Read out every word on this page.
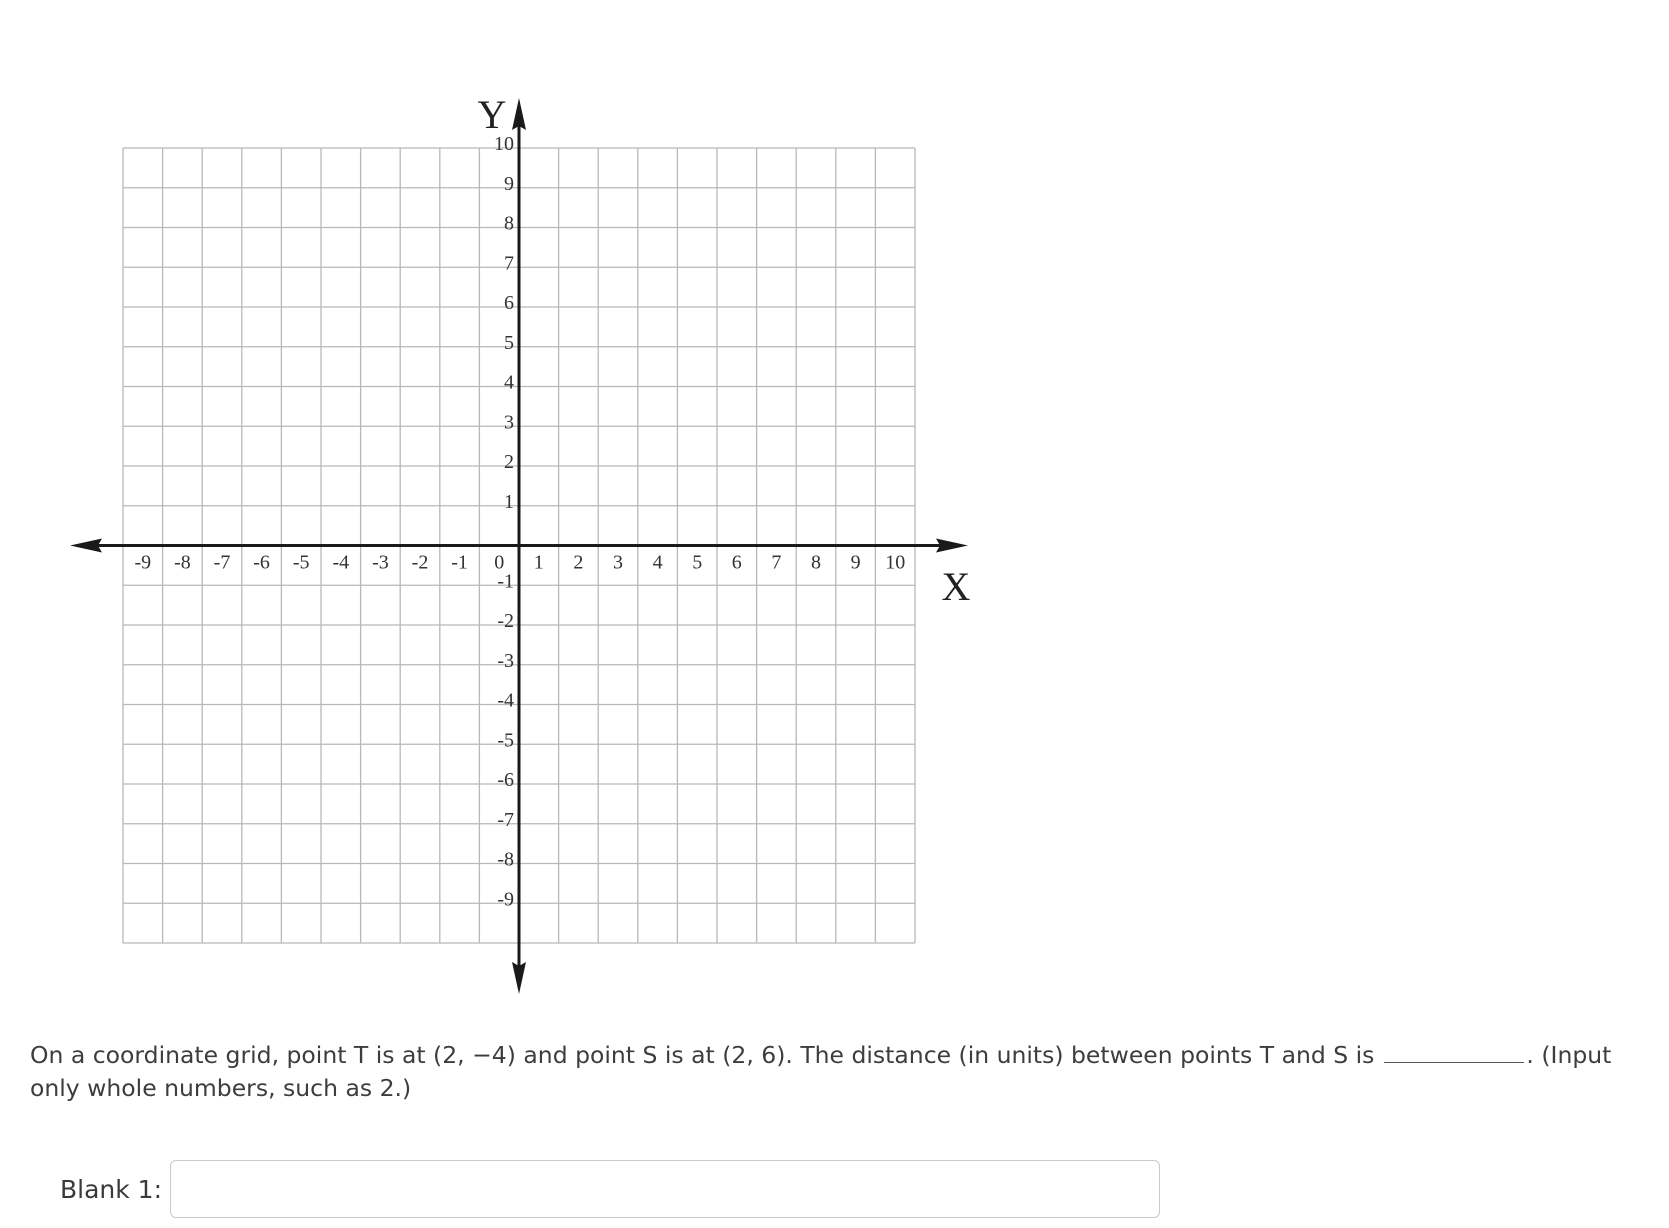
-9 -8 -7 -6 -5 -4 -3 -2 -1 0 1 2 3 4 5 6 7 8 9 10
10
9
8
7
6
5
4
3
2
1
-1
-2
-3
-4
-5
-6
-7
-8
-9
X
Y
On a coordinate grid, point T is at (2, −4) and point S is at (2, 6). The distance (in units) between points T and S is	. (Input only whole numbers, such as 2.)
Blank 1:
